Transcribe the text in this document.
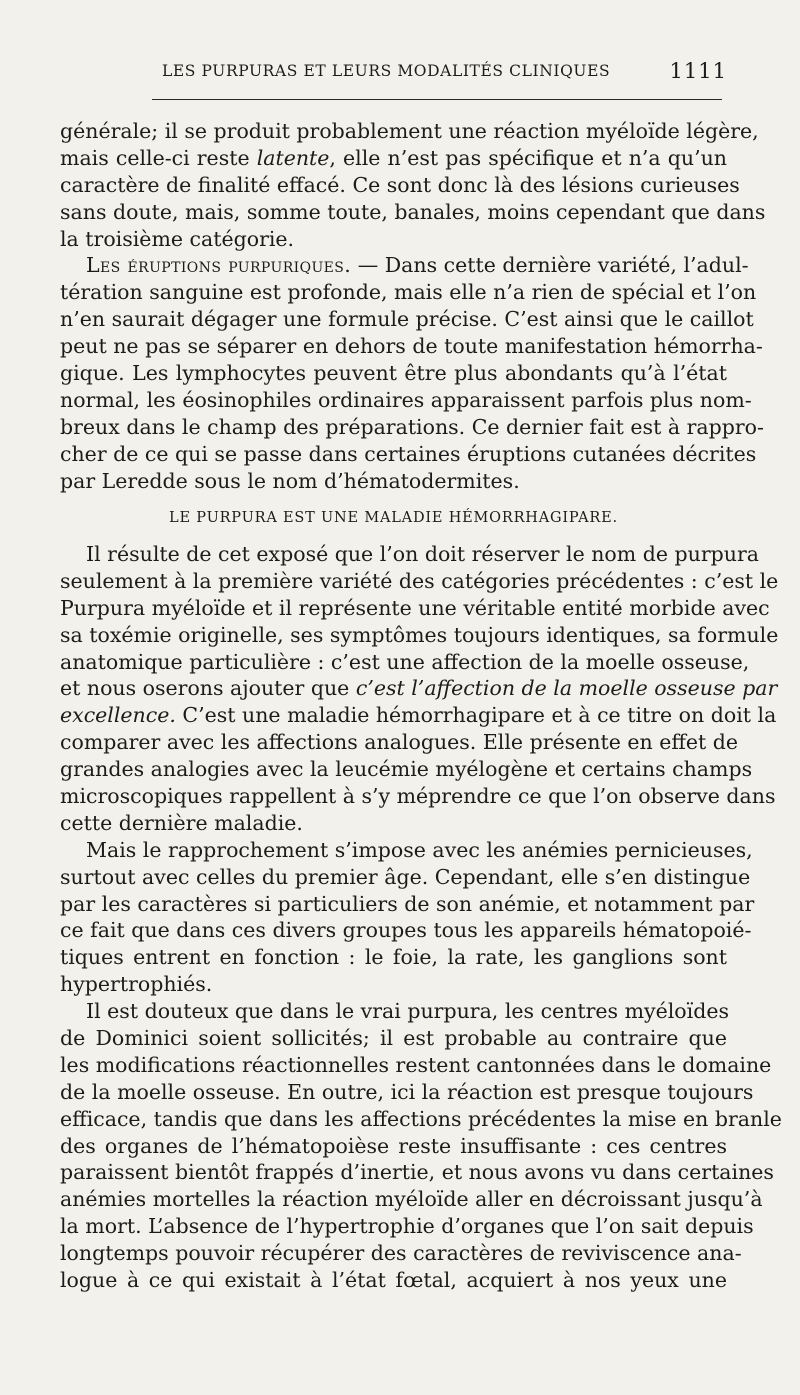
LES PURPURAS ET LEURS MODALITÉS CLINIQUES	1111
générale; il se produit probablement une réaction myéloïde légère,
mais celle-ci reste latente, elle n’est pas spécifique et n’a qu’un
caractère de finalité effacé. Ce sont donc là des lésions curieuses
sans doute, mais, somme toute, banales, moins cependant que dans
la troisième catégorie.
Les éruptions purpuriques. — Dans cette dernière variété, l’adul-
tération sanguine est profonde, mais elle n’a rien de spécial et l’on
n’en saurait dégager une formule précise. C’est ainsi que le caillot
peut ne pas se séparer en dehors de toute manifestation hémorrha-
gique. Les lymphocytes peuvent être plus abondants qu’à l’état
normal, les éosinophiles ordinaires apparaissent parfois plus nom-
breux dans le champ des préparations. Ce dernier fait est à rappro-
cher de ce qui se passe dans certaines éruptions cutanées décrites
par Leredde sous le nom d’hématodermites.
LE PURPURA EST UNE MALADIE HÉMORRHAGIPARE.
Il résulte de cet exposé que l’on doit réserver le nom de purpura
seulement à la première variété des catégories précédentes : c’est le
Purpura myéloïde et il représente une véritable entité morbide avec
sa toxémie originelle, ses symptômes toujours identiques, sa formule
anatomique particulière : c’est une affection de la moelle osseuse,
et nous oserons ajouter que c’est l’affection de la moelle osseuse par
excellence. C’est une maladie hémorrhagipare et à ce titre on doit la
comparer avec les affections analogues. Elle présente en effet de
grandes analogies avec la leucémie myélogène et certains champs
microscopiques rappellent à s’y méprendre ce que l’on observe dans
cette dernière maladie.
Mais le rapprochement s’impose avec les anémies pernicieuses,
surtout avec celles du premier âge. Cependant, elle s’en distingue
par les caractères si particuliers de son anémie, et notamment par
ce fait que dans ces divers groupes tous les appareils hématopoié-
tiques entrent en fonction : le foie, la rate, les ganglions sont
hypertrophiés.
Il est douteux que dans le vrai purpura, les centres myéloïdes
de Dominici soient sollicités; il est probable au contraire que
les modifications réactionnelles restent cantonnées dans le domaine
de la moelle osseuse. En outre, ici la réaction est presque toujours
efficace, tandis que dans les affections précédentes la mise en branle
des organes de l’hématopoièse reste insuffisante : ces centres
paraissent bientôt frappés d’inertie, et nous avons vu dans certaines
anémies mortelles la réaction myéloïde aller en décroissant jusqu’à
la mort. L’absence de l’hypertrophie d’organes que l’on sait depuis
longtemps pouvoir récupérer des caractères de reviviscence ana-
logue à ce qui existait à l’état fœtal, acquiert à nos yeux une
